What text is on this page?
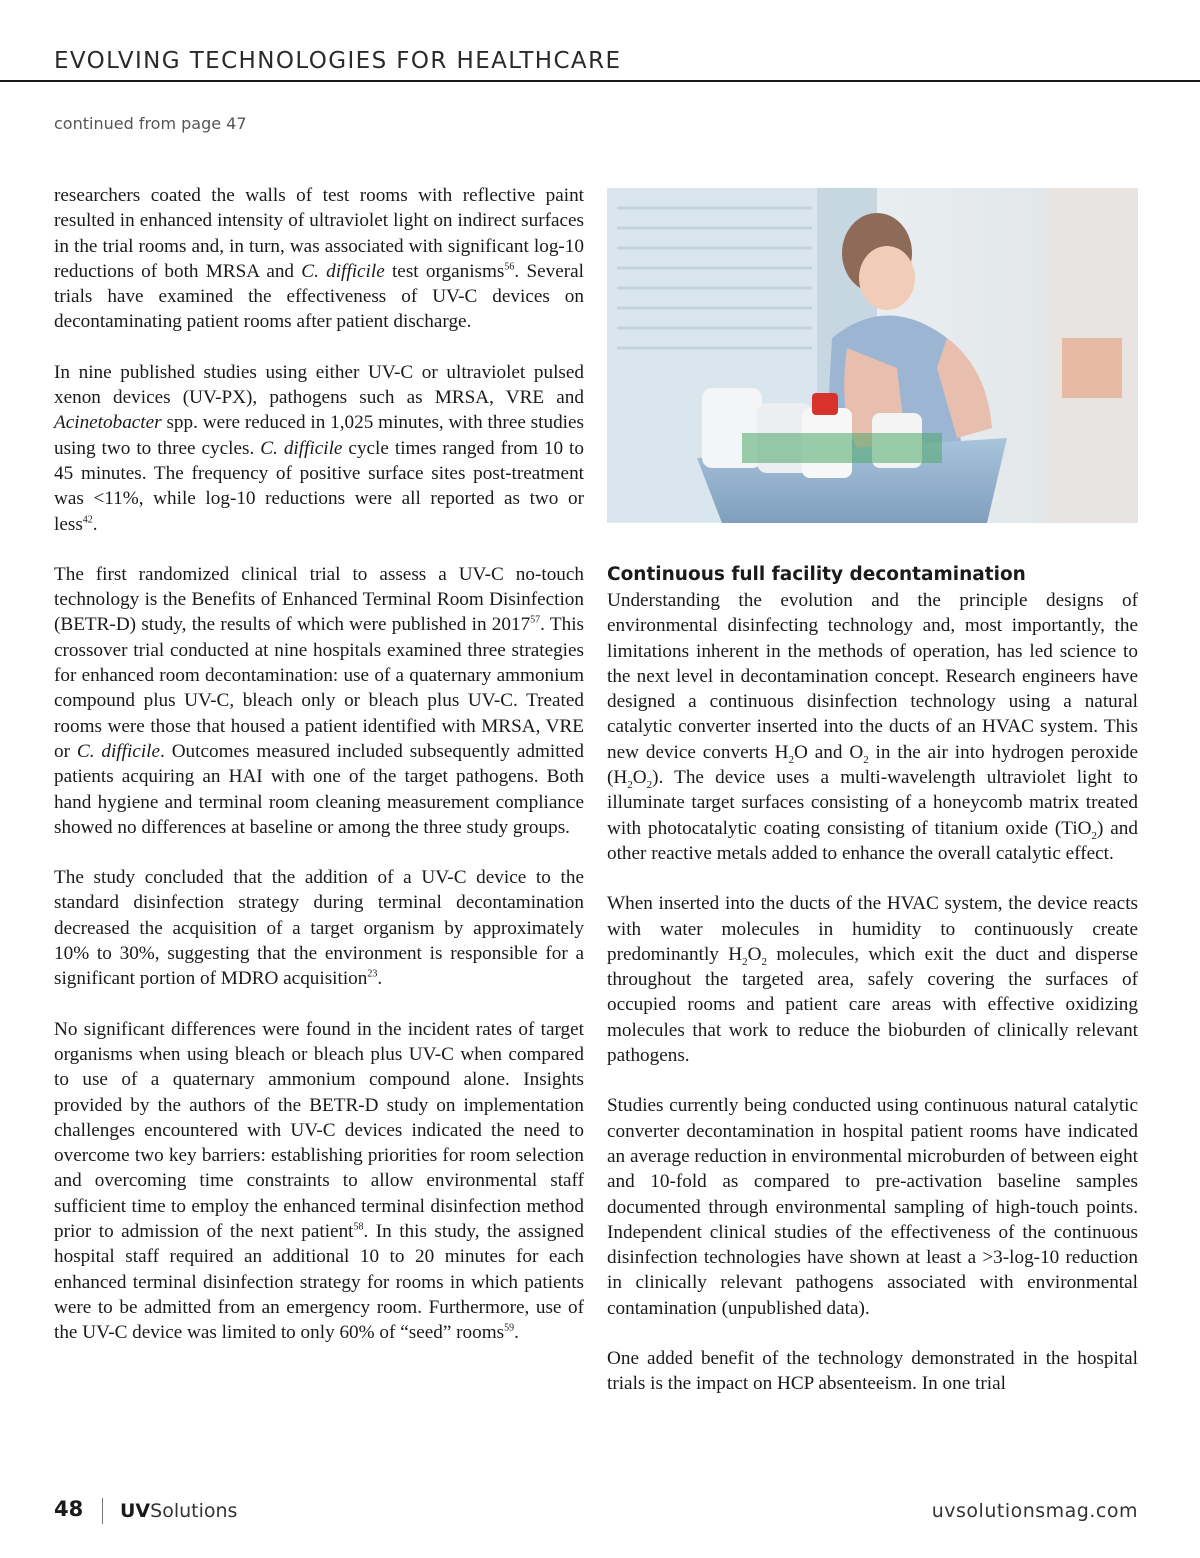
EVOLVING TECHNOLOGIES FOR HEALTHCARE
continued from page 47

researchers coated the walls of test rooms with reflective paint resulted in enhanced intensity of ultraviolet light on indirect surfaces in the trial rooms and, in turn, was associated with significant log-10 reductions of both MRSA and C. difficile test organisms$^{56}$. Several trials have examined the effectiveness of UV-C devices on decontaminating patient rooms after patient discharge.

In nine published studies using either UV-C or ultraviolet pulsed xenon devices (UV-PX), pathogens such as MRSA, VRE and Acinetobacter spp. were reduced in 1,025 minutes, with three studies using two to three cycles. C. difficile cycle times ranged from 10 to 45 minutes. The frequency of positive surface sites post-treatment was <11%, while log-10 reductions were all reported as two or less$^{42}$.

The first randomized clinical trial to assess a UV-C no-touch technology is the Benefits of Enhanced Terminal Room Disinfection (BETR-D) study, the results of which were published in 2017$^{57}$. This crossover trial conducted at nine hospitals examined three strategies for enhanced room decontamination: use of a quaternary ammonium compound plus UV-C, bleach only or bleach plus UV-C. Treated rooms were those that housed a patient identified with MRSA, VRE or C. difficile. Outcomes measured included subsequently admitted patients acquiring an HAI with one of the target pathogens. Both hand hygiene and terminal room cleaning measurement compliance showed no differences at baseline or among the three study groups.

The study concluded that the addition of a UV-C device to the standard disinfection strategy during terminal decontamination decreased the acquisition of a target organism by approximately 10% to 30%, suggesting that the environment is responsible for a significant portion of MDRO acquisition$^{23}$.

No significant differences were found in the incident rates of target organisms when using bleach or bleach plus UV-C when compared to use of a quaternary ammonium compound alone. Insights provided by the authors of the BETR-D study on implementation challenges encountered with UV-C devices indicated the need to overcome two key barriers: establishing priorities for room selection and overcoming time constraints to allow environmental staff sufficient time to employ the enhanced terminal disinfection method prior to admission of the next patient$^{58}$. In this study, the assigned hospital staff required an additional 10 to 20 minutes for each enhanced terminal disinfection strategy for rooms in which patients were to be admitted from an emergency room. Furthermore, use of the UV-C device was limited to only 60% of “seed” rooms$^{59}$.

Continuous full facility decontamination

Understanding the evolution and the principle designs of environmental disinfecting technology and, most importantly, the limitations inherent in the methods of operation, has led science to the next level in decontamination concept. Research engineers have designed a continuous disinfection technology using a natural catalytic converter inserted into the ducts of an HVAC system. This new device converts $H_2O$ and $O_2$ in the air into hydrogen peroxide $(H_2O_2)$. The device uses a multi-wavelength ultraviolet light to illuminate target surfaces consisting of a honeycomb matrix treated with photocatalytic coating consisting of titanium oxide (TiO$_2$) and other reactive metals added to enhance the overall catalytic effect.

When inserted into the ducts of the HVAC system, the device reacts with water molecules in humidity to continuously create predominantly $H_2O_2$ molecules, which exit the duct and disperse throughout the targeted area, safely covering the surfaces of occupied rooms and patient care areas with effective oxidizing molecules that work to reduce the bioburden of clinically relevant pathogens.

Studies currently being conducted using continuous natural catalytic converter decontamination in hospital patient rooms have indicated an average reduction in environmental microburden of between eight and 10-fold as compared to pre-activation baseline samples documented through environmental sampling of high-touch points. Independent clinical studies of the effectiveness of the continuous disinfection technologies have shown at least a >3-log-10 reduction in clinically relevant pathogens associated with environmental contamination (unpublished data).

One added benefit of the technology demonstrated in the hospital trials is the impact on HCP absenteeism. In one trial

48 UVSolutions	uvsolutionsmag.com
